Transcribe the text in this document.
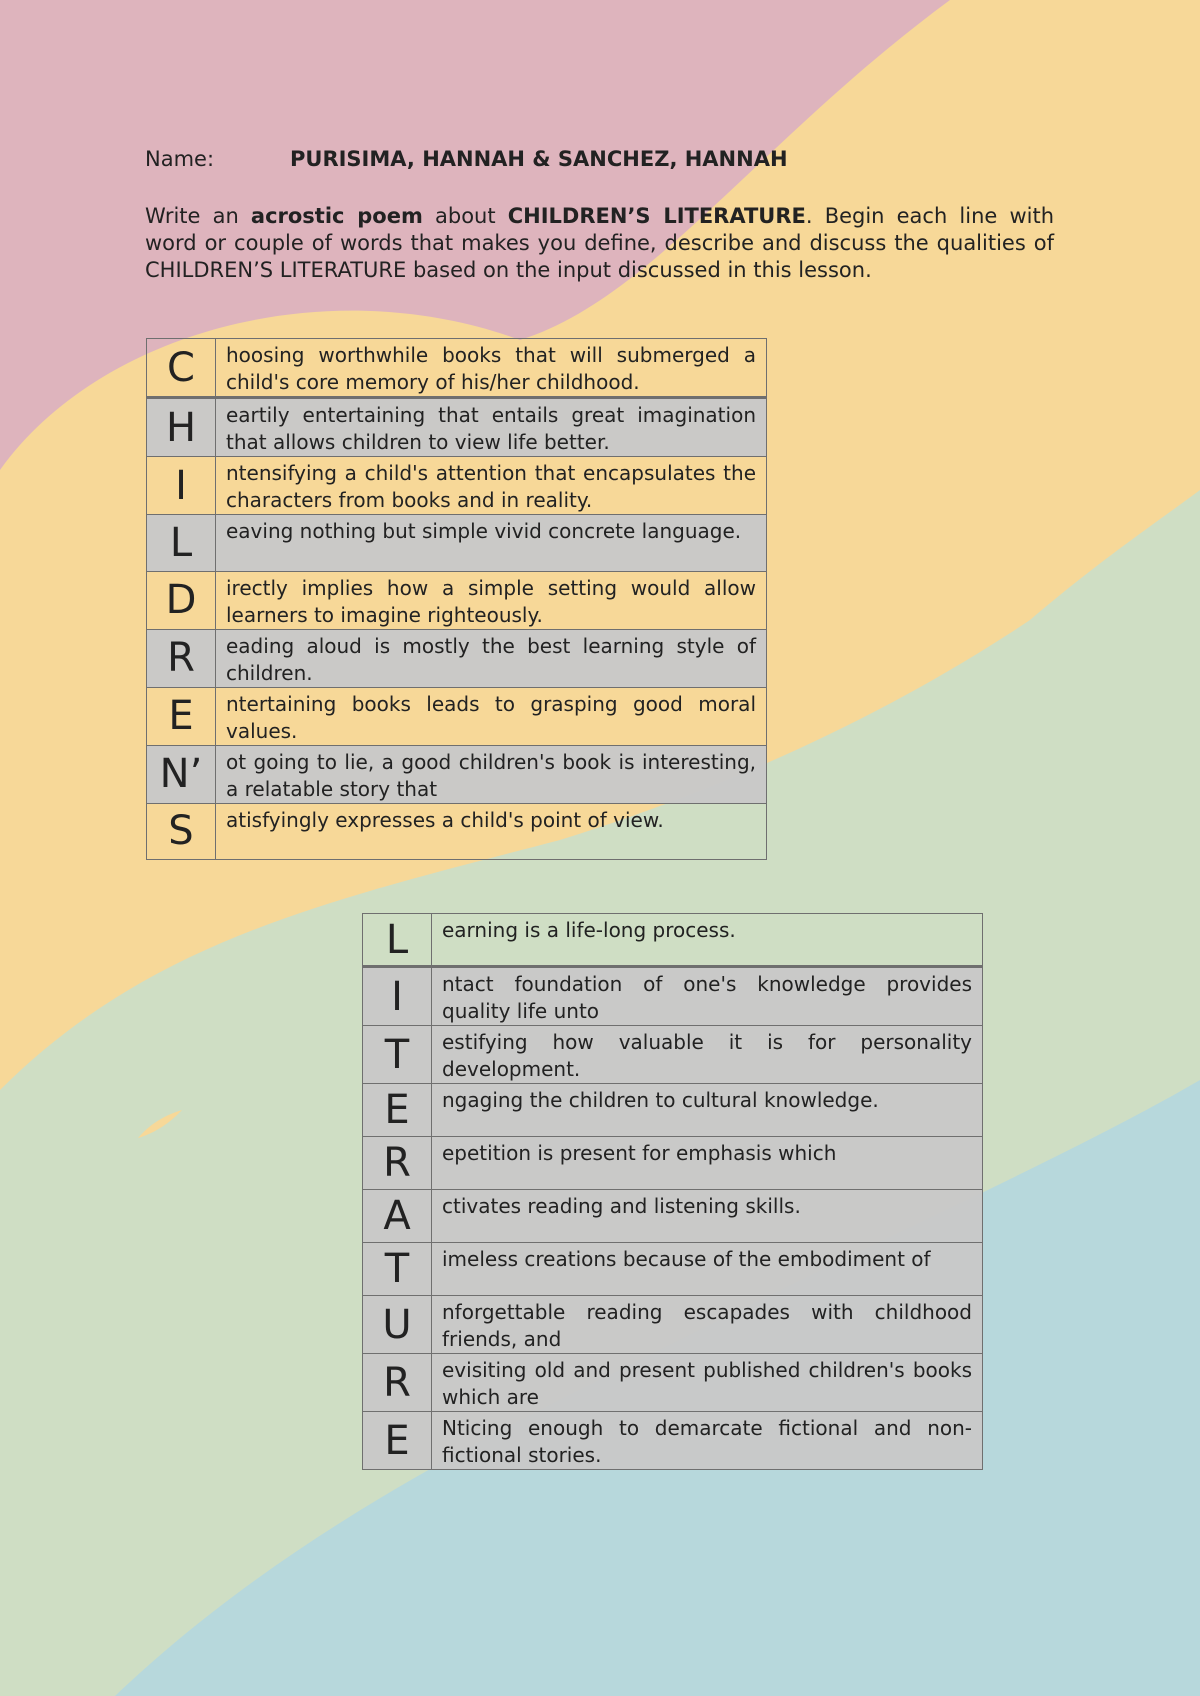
Name:	PURISIMA, HANNAH & SANCHEZ, HANNAH
Write an acrostic poem about CHILDREN’S LITERATURE. Begin each line with word or couple of words that makes you define, describe and discuss the qualities of CHILDREN’S LITERATURE based on the input discussed in this lesson.
C	hoosing worthwhile books that will submerged a child's core memory of his/her childhood.
H	eartily entertaining that entails great imagination that allows children to view life better.
I	ntensifying a child's attention that encapsulates the characters from books and in reality.
L	eaving nothing but simple vivid concrete language.
D	irectly implies how a simple setting would allow learners to imagine righteously.
R	eading aloud is mostly the best learning style of children.
E	ntertaining books leads to grasping good moral values.
N’	ot going to lie, a good children's book is interesting, a relatable story that
S	atisfyingly expresses a child's point of view.
L	earning is a life-long process.
I	ntact foundation of one's knowledge provides quality life unto
T	estifying how valuable it is for personality development.
E	ngaging the children to cultural knowledge.
R	epetition is present for emphasis which
A	ctivates reading and listening skills.
T	imeless creations because of the embodiment of
U	nforgettable reading escapades with childhood friends, and
R	evisiting old and present published children's books which are
E	Nticing enough to demarcate fictional and non-fictional stories.
